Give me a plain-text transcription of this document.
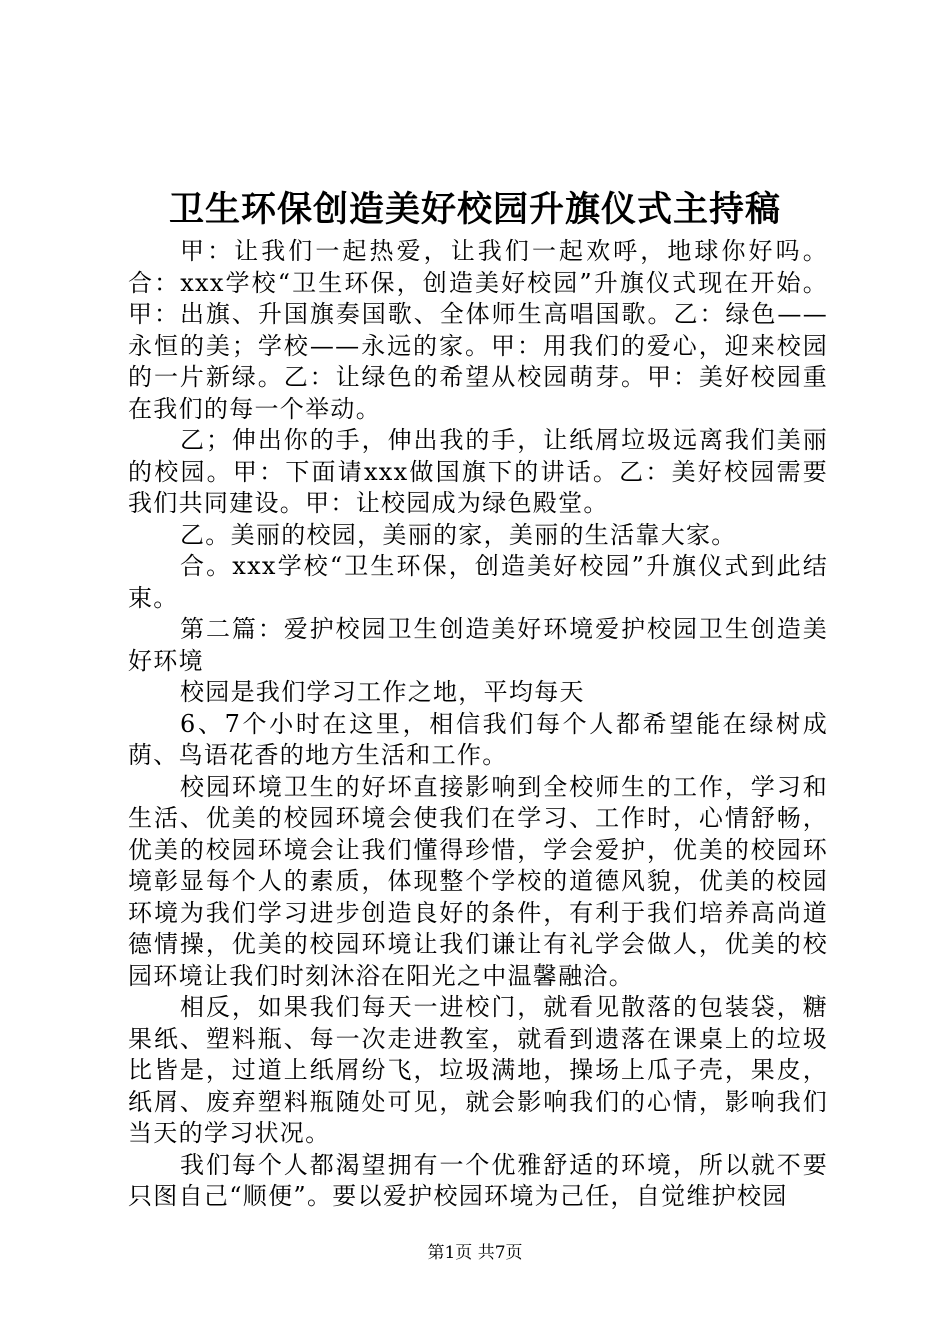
卫生环保创造美好校园升旗仪式主持稿

甲：让我们一起热爱，让我们一起欢呼，地球你好吗。合：xxx学校“卫生环保，创造美好校园”升旗仪式现在开始。甲：出旗、升国旗奏国歌、全体师生高唱国歌。乙：绿色——永恒的美；学校——永远的家。甲：用我们的爱心，迎来校园的一片新绿。乙：让绿色的希望从校园萌芽。甲：美好校园重在我们的每一个举动。

乙；伸出你的手，伸出我的手，让纸屑垃圾远离我们美丽的校园。甲：下面请xxx做国旗下的讲话。乙：美好校园需要我们共同建设。甲：让校园成为绿色殿堂。

乙。美丽的校园，美丽的家，美丽的生活靠大家。

合。xxx学校“卫生环保，创造美好校园”升旗仪式到此结束。

第二篇：爱护校园卫生创造美好环境爱护校园卫生创造美好环境

校园是我们学习工作之地，平均每天

6、7个小时在这里，相信我们每个人都希望能在绿树成荫、鸟语花香的地方生活和工作。

校园环境卫生的好坏直接影响到全校师生的工作，学习和生活、优美的校园环境会使我们在学习、工作时，心情舒畅，优美的校园环境会让我们懂得珍惜，学会爱护，优美的校园环境彰显每个人的素质，体现整个学校的道德风貌，优美的校园环境为我们学习进步创造良好的条件，有利于我们培养高尚道德情操，优美的校园环境让我们谦让有礼学会做人，优美的校园环境让我们时刻沐浴在阳光之中温馨融洽。

相反，如果我们每天一进校门，就看见散落的包装袋，糖果纸、塑料瓶、每一次走进教室，就看到遗落在课桌上的垃圾比皆是，过道上纸屑纷飞，垃圾满地，操场上瓜子壳，果皮，纸屑、废弃塑料瓶随处可见，就会影响我们的心情，影响我们当天的学习状况。

我们每个人都渴望拥有一个优雅舒适的环境，所以就不要只图自己“顺便”。要以爱护校园环境为己任，自觉维护校园

第1页 共7页
